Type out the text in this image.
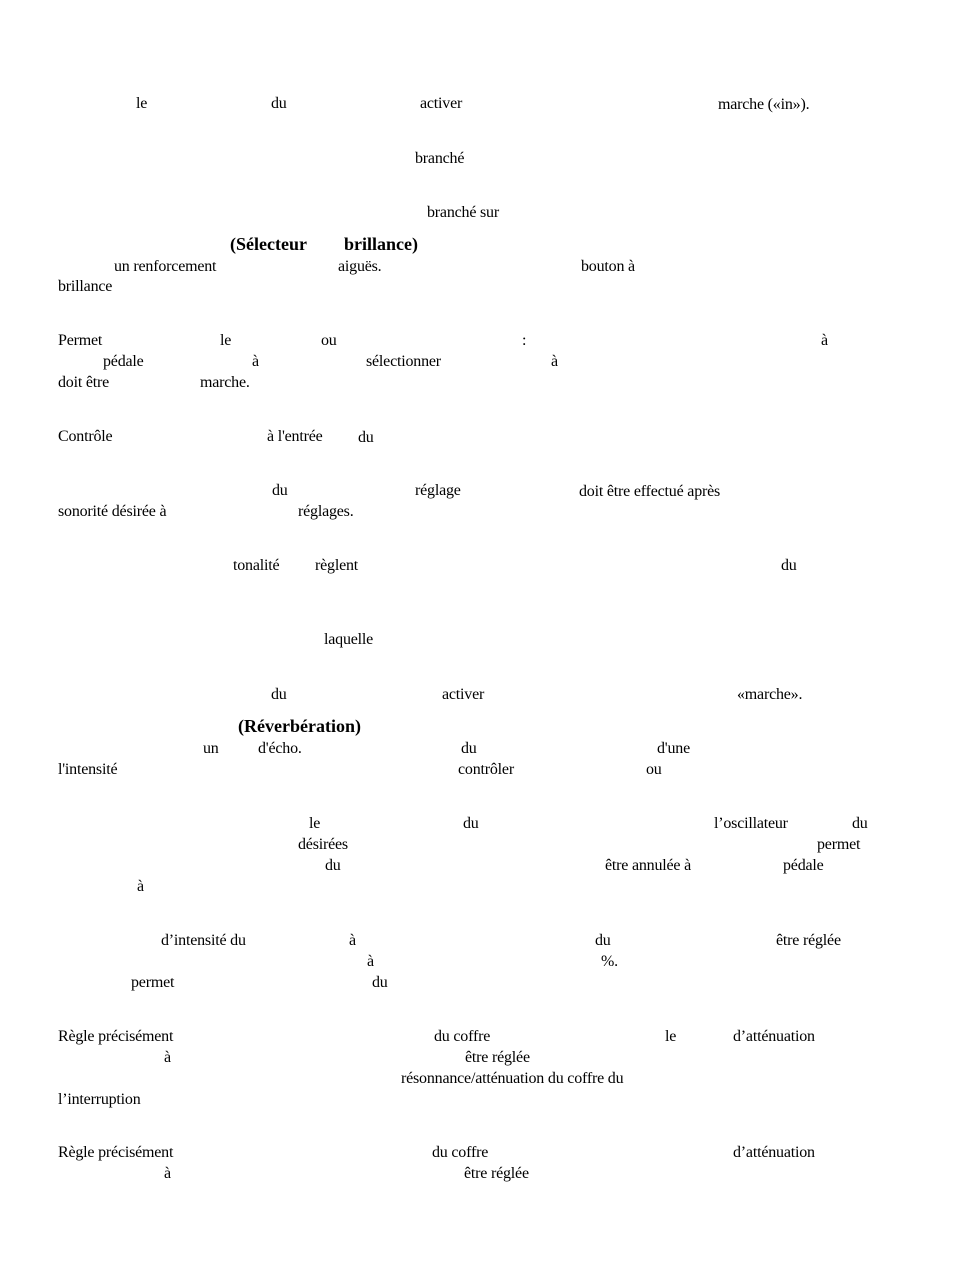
le	du	activer	marche («in»).
branché
branché sur
(Sélecteur brillance)
un renforcement	aiguës.	bouton à
brillance
Permet	le	ou	:	à
pédale	à	sélectionner	à
doit être	marche.
Contrôle	à l'entrée du
du	réglage	doit être effectué après
sonorité désirée à	réglages.
tonalité règlent	du
laquelle
du	activer	«marche».
(Réverbération)
un d'écho.	du	d'une
l'intensité	contrôler	ou
le	du	l’oscillateur	du
désirées	permet
du	être annulée à	pédale
à
d’intensité du	à	du	être réglée
à	%.
permet	du
Règle précisément	du coffre	le	d’atténuation
à	être réglée
résonnance/atténuation du coffre du
l’interruption
Règle précisément	du coffre	d’atténuation
à	être réglée
